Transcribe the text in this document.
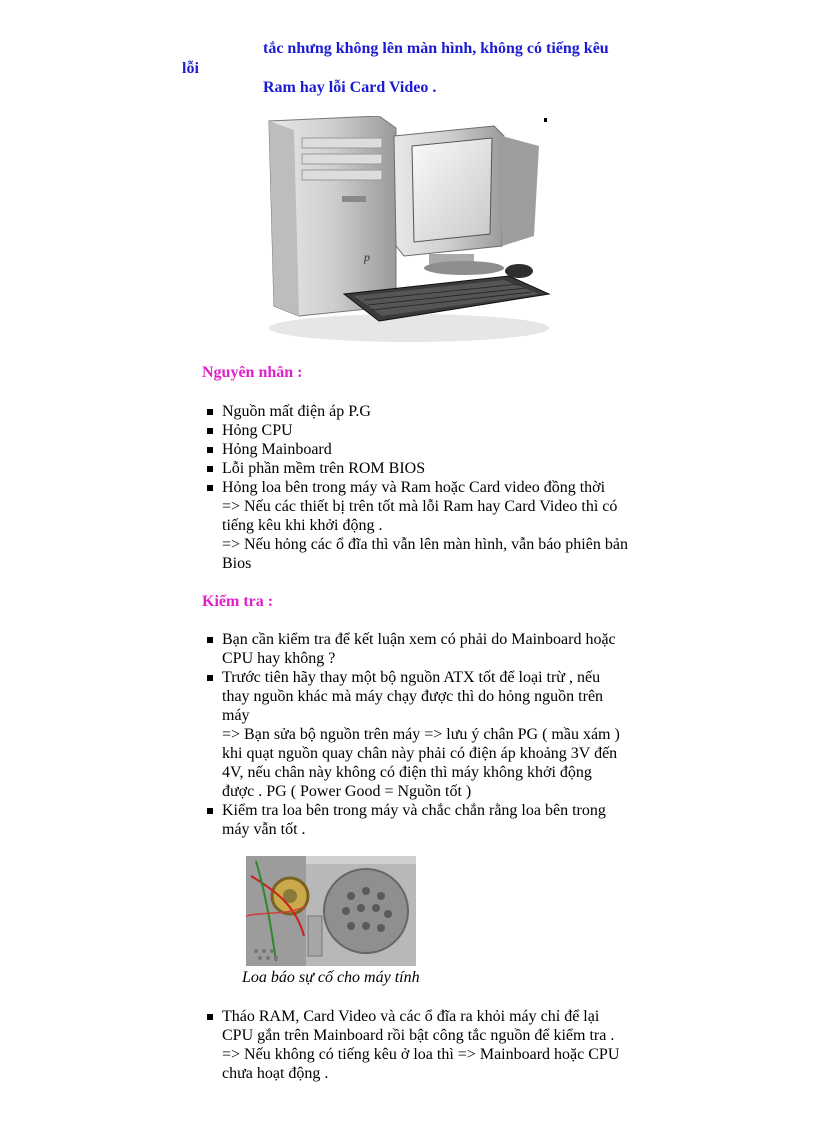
tắc nhưng không lên màn hình, không có tiếng kêu
lỗi
Ram hay lỗi Card Video .
p
Nguyên nhân :
Nguồn mất điện áp P.G
Hỏng CPU
Hỏng Mainboard
Lỗi phần mềm trên ROM BIOS
Hỏng loa bên trong máy và Ram hoặc Card video đồng thời
=> Nếu các thiết bị trên tốt mà lỗi Ram hay Card Video thì có
tiếng kêu khi khởi động .
=> Nếu hỏng các ổ đĩa thì vẫn lên màn hình, vẫn báo phiên bản
Bios
Kiểm tra :
Bạn cần kiểm tra để kết luận xem có phải do Mainboard hoặc
CPU hay không ?
Trước tiên hãy thay một bộ nguồn ATX tốt để loại trừ , nếu
thay nguồn khác mà máy chạy được thì do hỏng nguồn trên
máy
=> Bạn sửa bộ nguồn trên máy => lưu ý chân PG ( mầu xám )
khi quạt nguồn quay chân này phải có điện áp khoảng 3V đến
4V, nếu chân này không có điện thì máy không khởi động
được . PG ( Power Good = Nguồn tốt )
Kiểm tra loa bên trong máy và chắc chắn rằng loa bên trong
máy vẫn tốt .
Loa báo sự cố cho máy tính
Tháo RAM, Card Video và các ổ đĩa ra khỏi máy chỉ để lại
CPU gắn trên Mainboard rồi bật công tắc nguồn để kiểm tra .
=> Nếu không có tiếng kêu ở loa thì => Mainboard hoặc CPU
chưa hoạt động .
